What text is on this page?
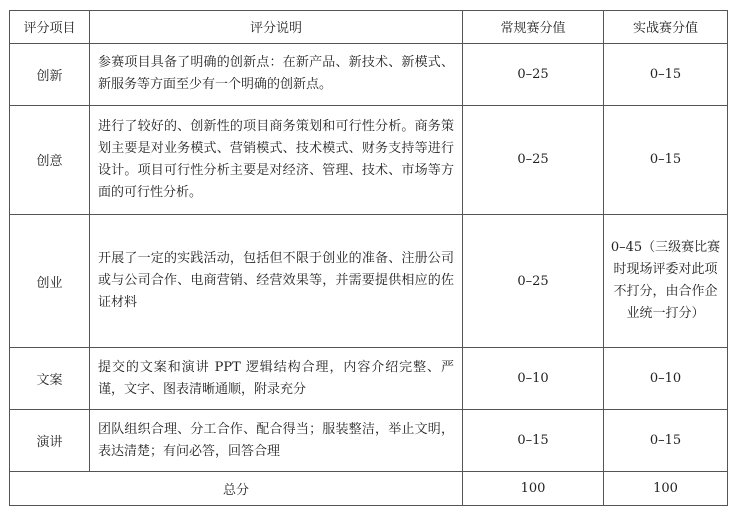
评分项目	评分说明	常规赛分值	实战赛分值
创新	参赛项目具备了明确的创新点：在新产品、新技术、新模式、新服务等方面至少有一个明确的创新点。	0–25	0–15
创意	进行了较好的、创新性的项目商务策划和可行性分析。商务策划主要是对业务模式、营销模式、技术模式、财务支持等进行设计。项目可行性分析主要是对经济、管理、技术、市场等方面的可行性分析。	0–25	0–15
创业	开展了一定的实践活动，包括但不限于创业的准备、注册公司或与公司合作、电商营销、经营效果等，并需要提供相应的佐证材料	0–25	0–45（三级赛比赛时现场评委对此项不打分，由合作企业统一打分）
文案	提交的文案和演讲 PPT 逻辑结构合理，内容介绍完整、严谨，文字、图表清晰通顺，附录充分	0–10	0–10
演讲	团队组织合理、分工合作、配合得当；服装整洁，举止文明，表达清楚；有问必答，回答合理	0–15	0–15
总分		100	100
